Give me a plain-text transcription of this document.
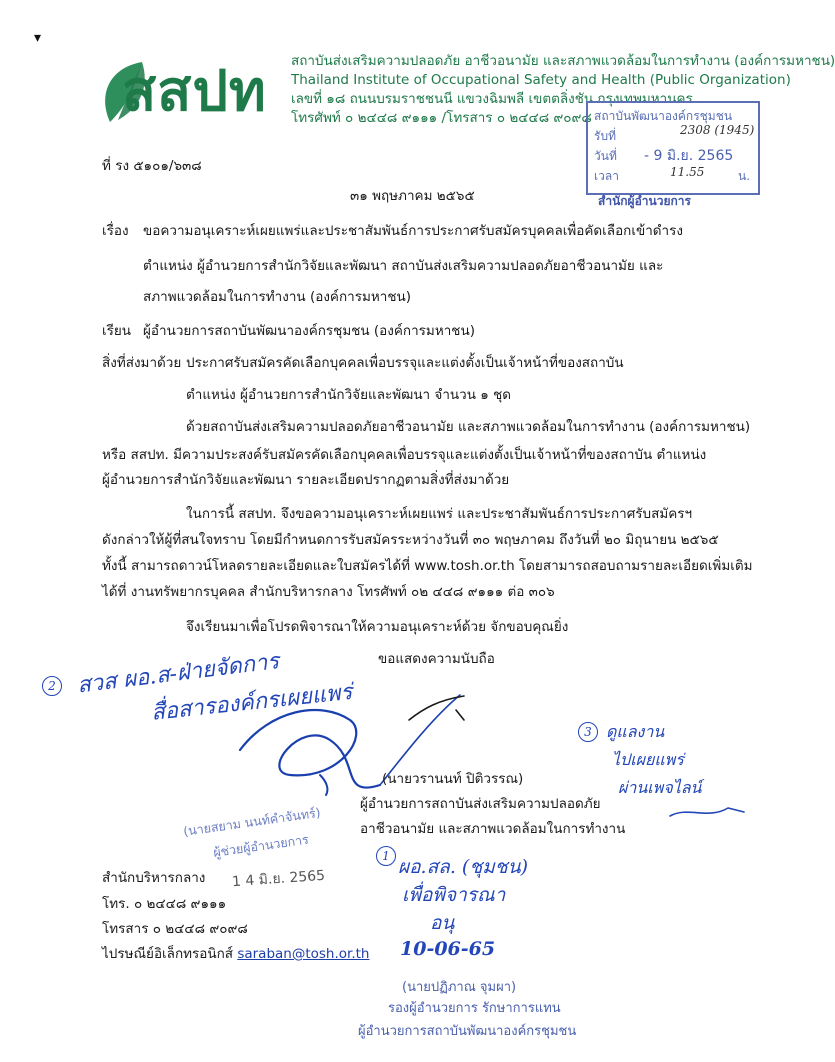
▾
สสปท สถาบันส่งเสริมความปลอดภัย อาชีวอนามัย และสภาพแวดล้อมในการทำงาน (องค์การมหาชน)
Thailand Institute of Occupational Safety and Health (Public Organization)
เลขที่ ๑๘ ถนนบรมราชชนนี แขวงฉิมพลี เขตตลิ่งชัน กรุงเทพมหานคร
โทรศัพท์ ๐ ๒๔๔๘ ๙๑๑๑ /โทรสาร ๐ ๒๔๔๘ ๙๐๙๘ สถาบันพัฒนาองค์กรชุมชน
รับที่	2308 (1945)
วันที่ - 9 มิ.ย. 2565
เวลา	11.55	น.
สำนักผู้อำนวยการ
ที่ รง ๕๑๐๑/๖๓๘
๓๑ พฤษภาคม ๒๕๖๕
เรื่อง ขอความอนุเคราะห์เผยแพร่และประชาสัมพันธ์การประกาศรับสมัครบุคคลเพื่อคัดเลือกเข้าดำรง
ตำแหน่ง ผู้อำนวยการสำนักวิจัยและพัฒนา สถาบันส่งเสริมความปลอดภัยอาชีวอนามัย และ
สภาพแวดล้อมในการทำงาน (องค์การมหาชน)
เรียน ผู้อำนวยการสถาบันพัฒนาองค์กรชุมชน (องค์การมหาชน)
สิ่งที่ส่งมาด้วย ประกาศรับสมัครคัดเลือกบุคคลเพื่อบรรจุและแต่งตั้งเป็นเจ้าหน้าที่ของสถาบัน
ตำแหน่ง ผู้อำนวยการสำนักวิจัยและพัฒนา จำนวน ๑ ชุด
ด้วยสถาบันส่งเสริมความปลอดภัยอาชีวอนามัย และสภาพแวดล้อมในการทำงาน (องค์การมหาชน)
หรือ สสปท. มีความประสงค์รับสมัครคัดเลือกบุคคลเพื่อบรรจุและแต่งตั้งเป็นเจ้าหน้าที่ของสถาบัน ตำแหน่ง
ผู้อำนวยการสำนักวิจัยและพัฒนา รายละเอียดปรากฏตามสิ่งที่ส่งมาด้วย
ในการนี้ สสปท. จึงขอความอนุเคราะห์เผยแพร่ และประชาสัมพันธ์การประกาศรับสมัครฯ
ดังกล่าวให้ผู้ที่สนใจทราบ โดยมีกำหนดการรับสมัครระหว่างวันที่ ๓๐ พฤษภาคม ถึงวันที่ ๒๐ มิถุนายน ๒๕๖๕
ทั้งนี้ สามารถดาวน์โหลดรายละเอียดและใบสมัครได้ที่ www.tosh.or.th โดยสามารถสอบถามรายละเอียดเพิ่มเติม
ได้ที่ งานทรัพยากรบุคคล สำนักบริหารกลาง โทรศัพท์ ๐๒ ๔๔๘ ๙๑๑๑ ต่อ ๓๐๖
จึงเรียนมาเพื่อโปรดพิจารณาให้ความอนุเคราะห์ด้วย จักขอบคุณยิ่ง
ขอแสดงความนับถือ
2 สวส ผอ.ส-ฝ่ายจัดการ
สื่อสารองค์กรเผยแพร่
(นายวรานนท์ ปิติวรรณ)
ผู้อำนวยการสถาบันส่งเสริมความปลอดภัย
อาชีวอนามัย และสภาพแวดล้อมในการทำงาน
(นายสยาม นนท์คำจันทร์)
ผู้ช่วยผู้อำนวยการ
1 4 มิ.ย. 2565
3 ดูแลงาน
ไปเผยแพร่
ผ่านเพจไลน์
สำนักบริหารกลาง
โทร. ๐ ๒๔๔๘ ๙๑๑๑
โทรสาร ๐ ๒๔๔๘ ๙๐๙๘
ไปรษณีย์อิเล็กทรอนิกส์ saraban@tosh.or.th
1 ผอ.สล. (ชุมชน)
เพื่อพิจารณา
อนุ
10-06-65
(นายปฏิภาณ จุมผา)
รองผู้อำนวยการ รักษาการแทน
ผู้อำนวยการสถาบันพัฒนาองค์กรชุมชน
